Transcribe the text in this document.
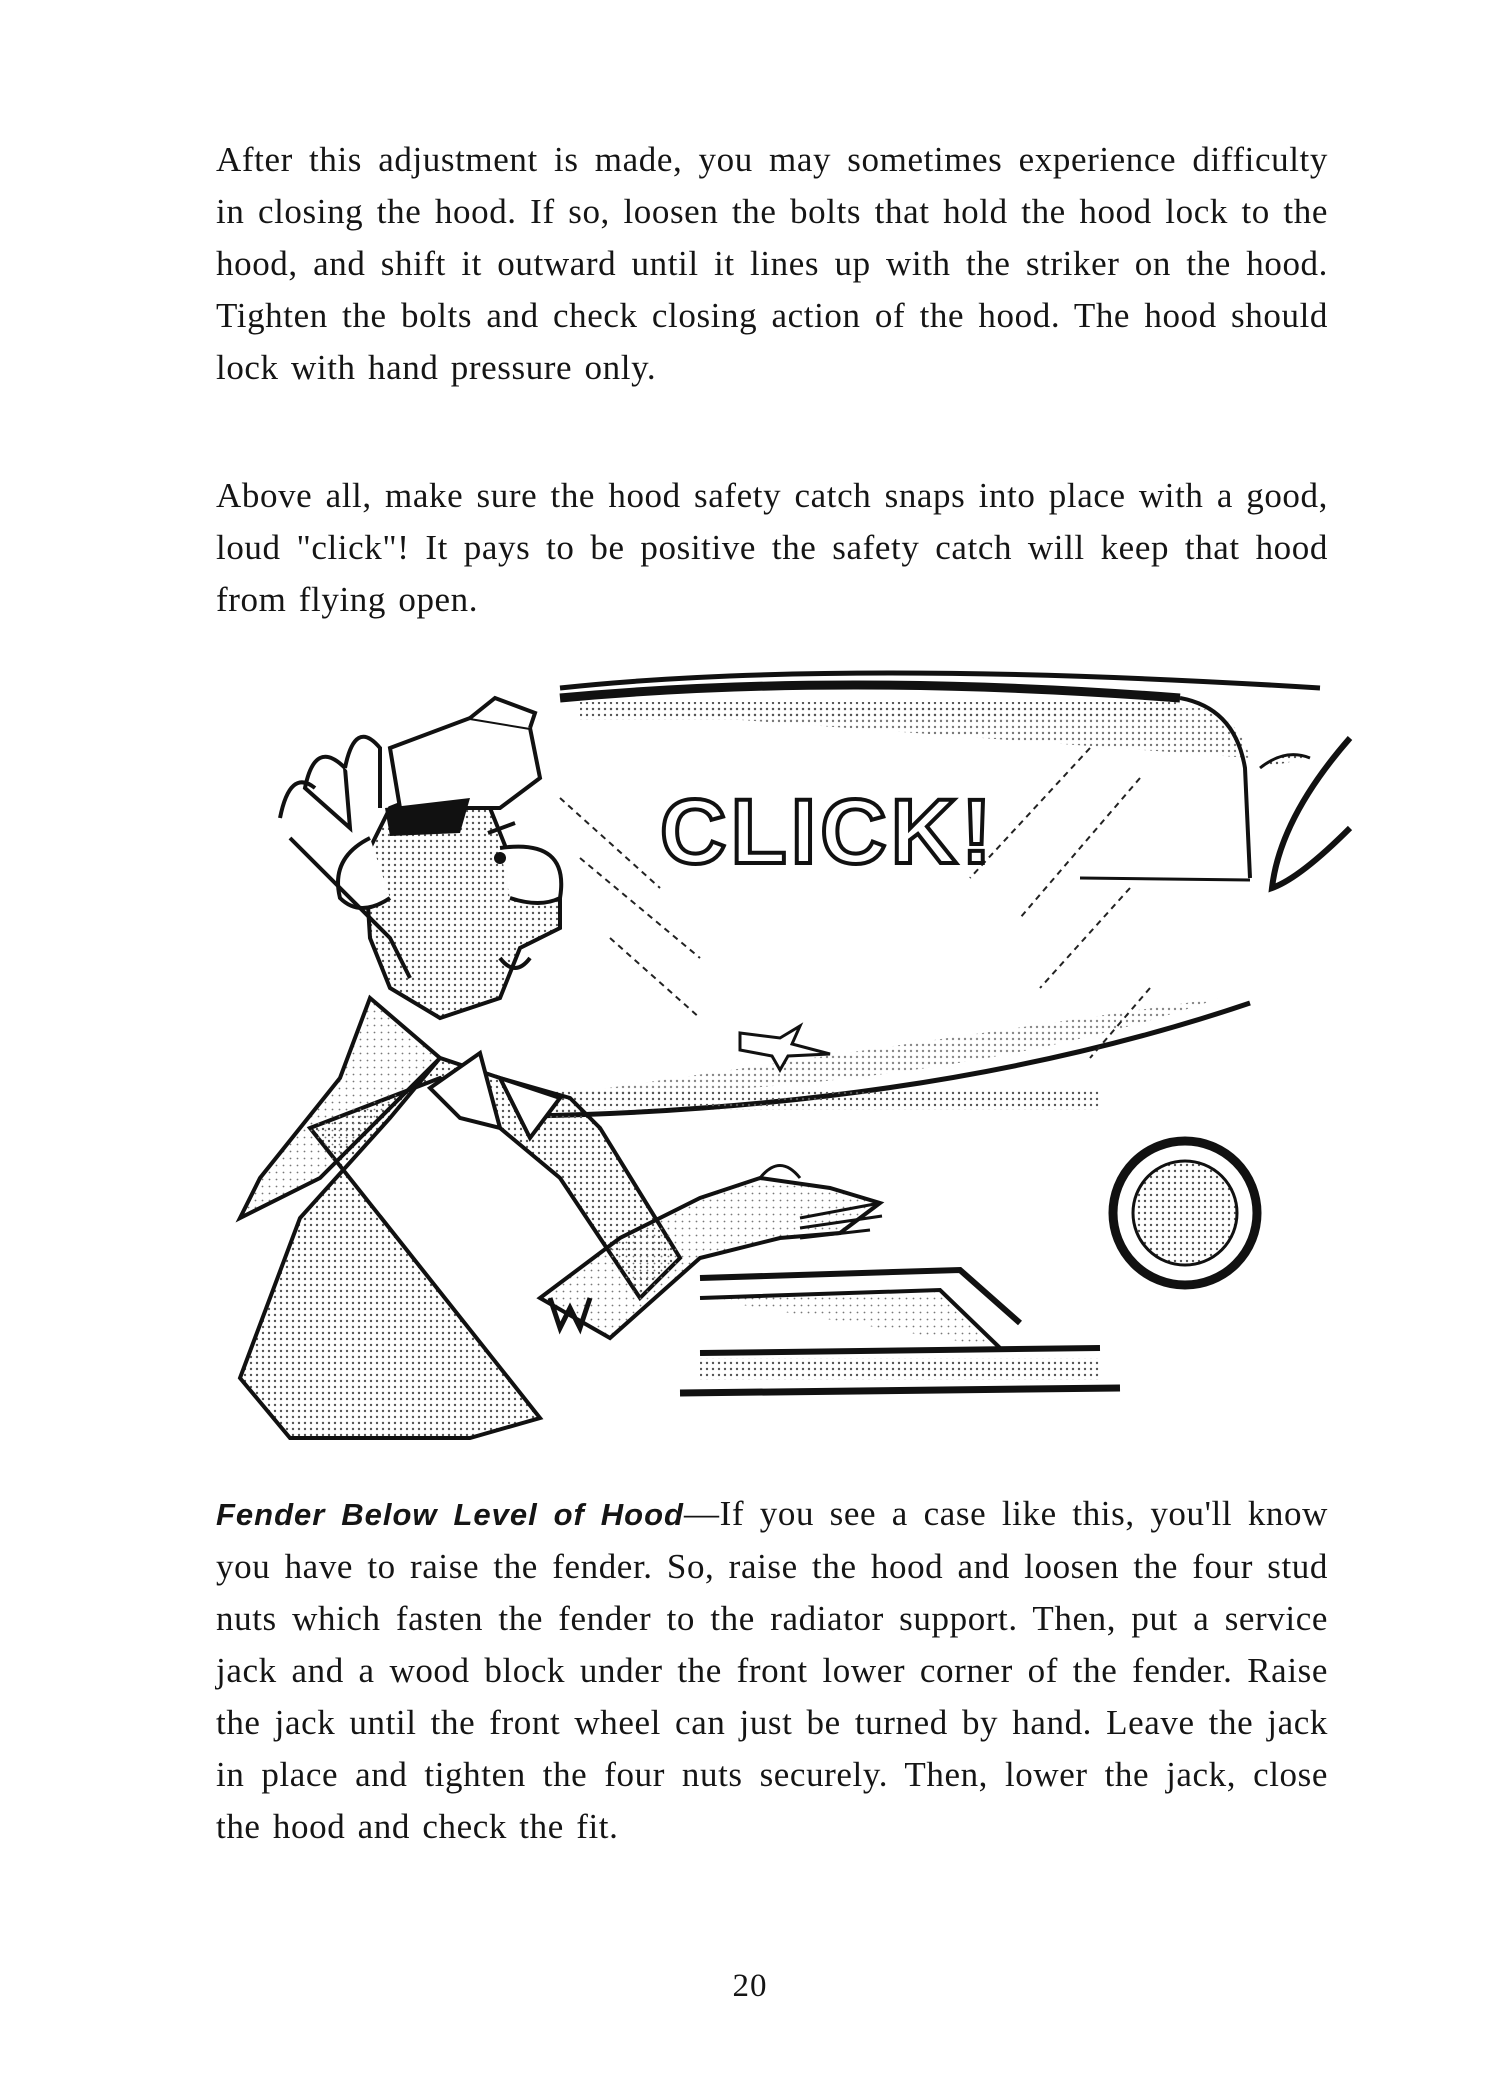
After this adjustment is made, you may sometimes experience difficulty in closing the hood. If so, loosen the bolts that hold the hood lock to the hood, and shift it outward until it lines up with the striker on the hood. Tighten the bolts and check closing action of the hood. The hood should lock with hand pressure only.

Above all, make sure the hood safety catch snaps into place with a good, loud "click"! It pays to be positive the safety catch will keep that hood from flying open.

CLICK!

Fender Below Level of Hood—If you see a case like this, you'll know you have to raise the fender. So, raise the hood and loosen the four stud nuts which fasten the fender to the radiator support. Then, put a service jack and a wood block under the front lower corner of the fender. Raise the jack until the front wheel can just be turned by hand. Leave the jack in place and tighten the four nuts securely. Then, lower the jack, close the hood and check the fit.

20
